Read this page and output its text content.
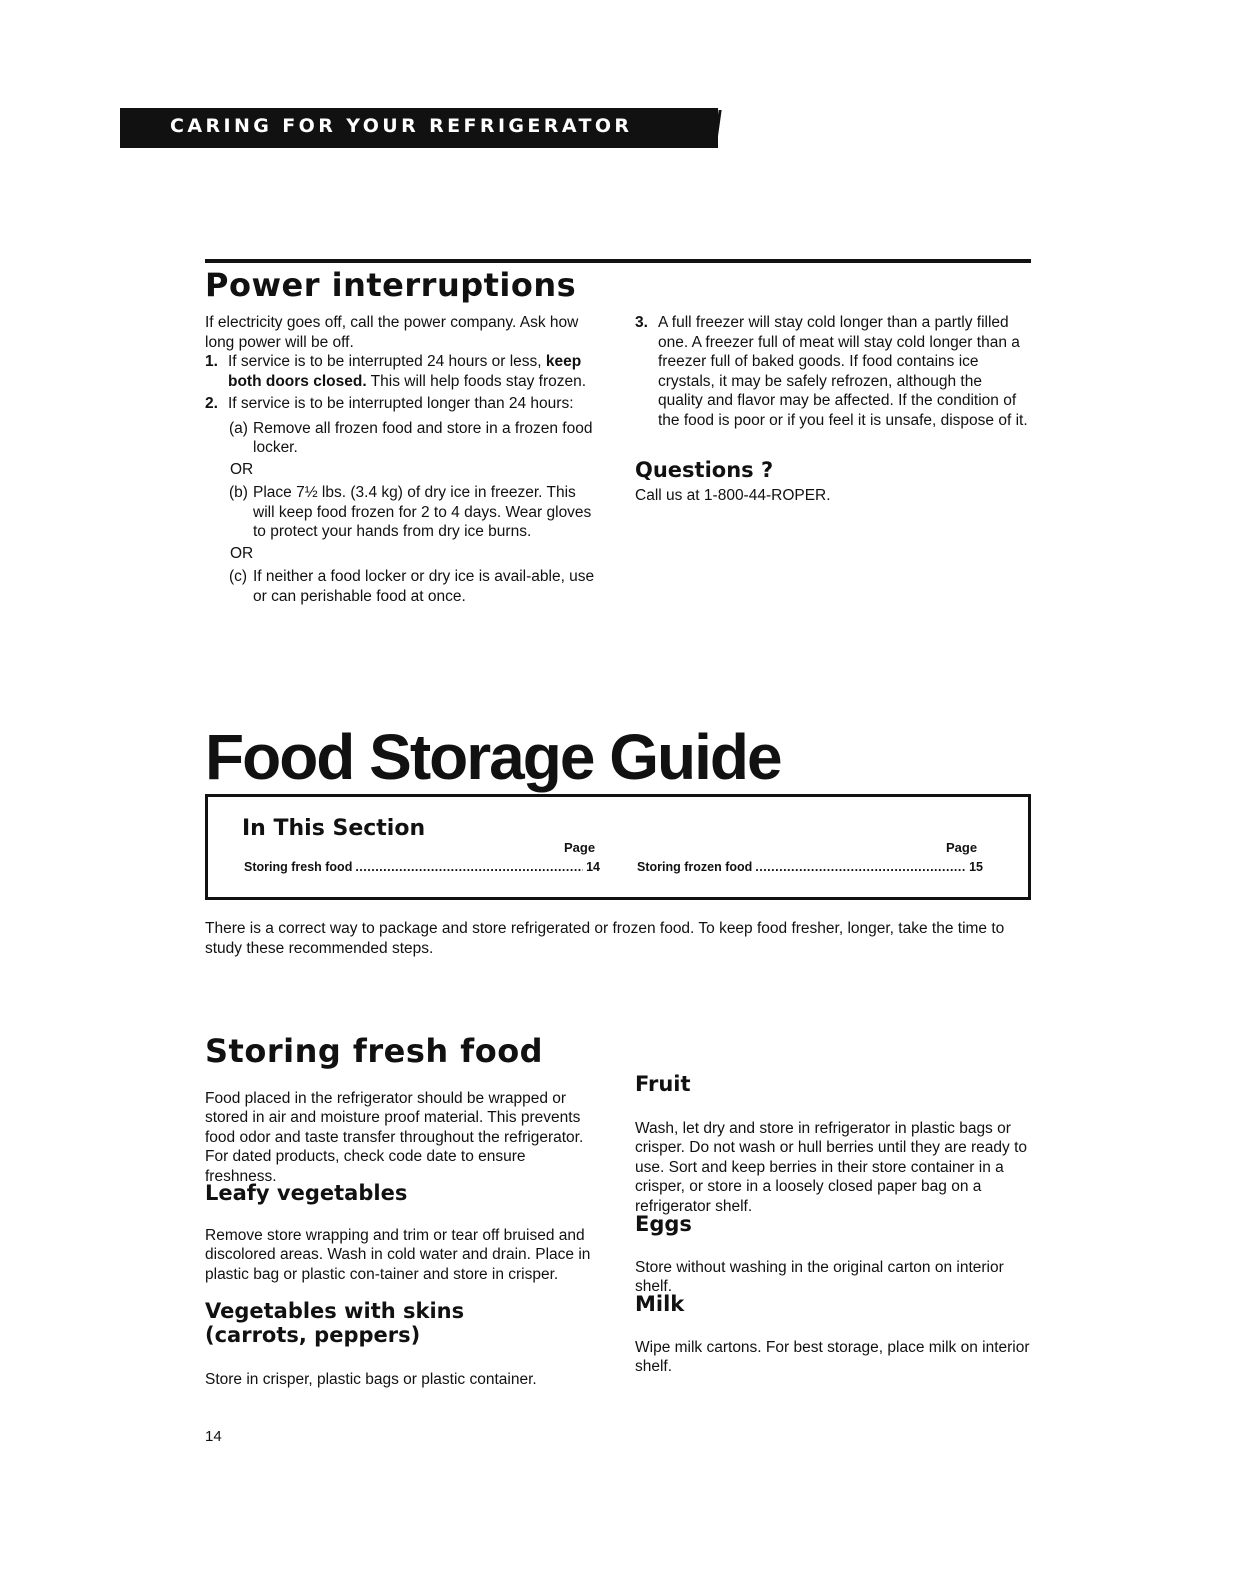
CARING FOR YOUR REFRIGERATOR
Power interruptions

If electricity goes off, call the power company. Ask how long power will be off.

1. If service is to be interrupted 24 hours or less, keep both doors closed. This will help foods stay frozen.
2. If service is to be interrupted longer than 24 hours:
(a) Remove all frozen food and store in a frozen food locker.

OR

(b) Place 7½ lbs. (3.4 kg) of dry ice in freezer. This will keep food frozen for 2 to 4 days. Wear gloves to protect your hands from dry ice burns.

OR

(c) If neither a food locker or dry ice is avail-able, use or can perishable food at once.
3. A full freezer will stay cold longer than a partly filled one. A freezer full of meat will stay cold longer than a freezer full of baked goods. If food contains ice crystals, it may be safely refrozen, although the quality and flavor may be affected. If the condition of the food is poor or if you feel it is unsafe, dispose of it.
Questions ?

Call us at 1-800-44-ROPER.

Food Storage Guide
In This Section
Page	Page
Storing fresh food .....	14	Storing frozen food .....	15

There is a correct way to package and store refrigerated or frozen food. To keep food fresher, longer, take the time to study these recommended steps.

Storing fresh food

Food placed in the refrigerator should be wrapped or stored in air and moisture proof material. This prevents food odor and taste transfer throughout the refrigerator. For dated products, check code date to ensure freshness.

Leafy vegetables

Remove store wrapping and trim or tear off bruised and discolored areas. Wash in cold water and drain. Place in plastic bag or plastic con-tainer and store in crisper.

Vegetables with skins
(carrots, peppers)

Store in crisper, plastic bags or plastic container.

Fruit

Wash, let dry and store in refrigerator in plastic bags or crisper. Do not wash or hull berries until they are ready to use. Sort and keep berries in their store container in a crisper, or store in a loosely closed paper bag on a refrigerator shelf.

Eggs

Store without washing in the original carton on interior shelf.

Milk

Wipe milk cartons. For best storage, place milk on interior shelf.

14
